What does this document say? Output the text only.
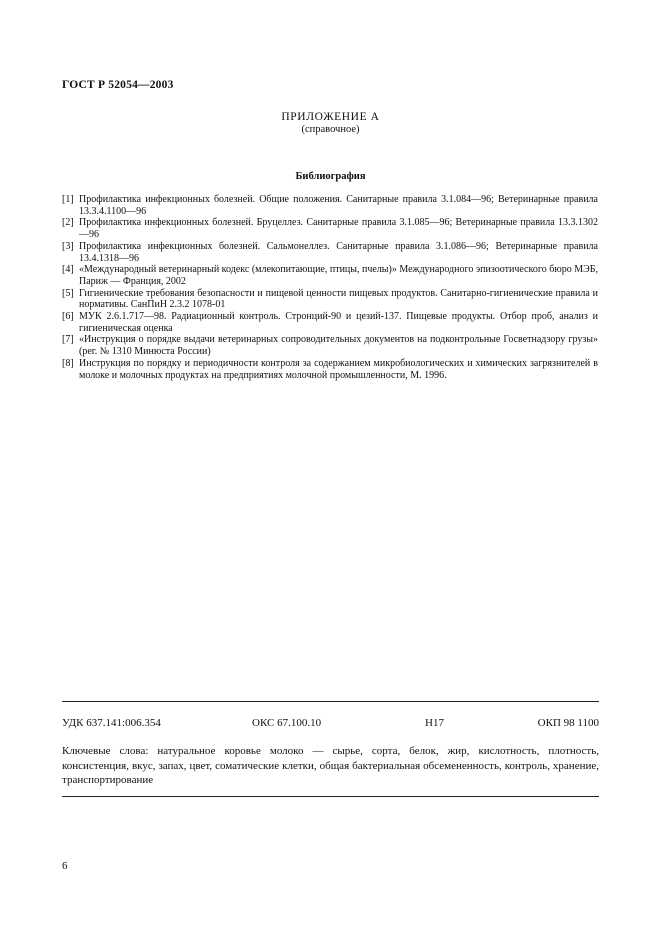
ГОСТ Р 52054—2003
ПРИЛОЖЕНИЕ А
(справочное)
Библиография
[1] Профилактика инфекционных болезней. Общие положения. Санитарные правила 3.1.084—96; Ветеринарные правила 13.3.4.1100—96
[2] Профилактика инфекционных болезней. Бруцеллез. Санитарные правила 3.1.085—96; Ветеринарные правила 13.3.1302—96
[3] Профилактика инфекционных болезней. Сальмонеллез. Санитарные правила 3.1.086—96; Ветеринарные правила 13.4.1318—96
[4] «Международный ветеринарный кодекс (млекопитающие, птицы, пчелы)» Международного эпизоотического бюро МЭБ, Париж — Франция, 2002
[5] Гигиенические требования безопасности и пищевой ценности пищевых продуктов. Санитарно-гигиенические правила и нормативы. СанПиН 2.3.2 1078-01
[6] МУК 2.6.1.717—98. Радиационный контроль. Стронций-90 и цезий-137. Пищевые продукты. Отбор проб, анализ и гигиеническая оценка
[7] «Инструкция о порядке выдачи ветеринарных сопроводительных документов на подконтрольные Госветнадзору грузы» (рег. № 1310 Минюста России)
[8] Инструкция по порядку и периодичности контроля за содержанием микробиологических и химических загрязнителей в молоке и молочных продуктах на предприятиях молочной промышленности, М. 1996.
УДК 637.141:006.354	ОКС 67.100.10	Н17	ОКП 98 1100
Ключевые слова: натуральное коровье молоко — сырье, сорта, белок, жир, кислотность, плотность, консистенция, вкус, запах, цвет, соматические клетки, общая бактериальная обсемененность, контроль, хранение, транспортирование
6
